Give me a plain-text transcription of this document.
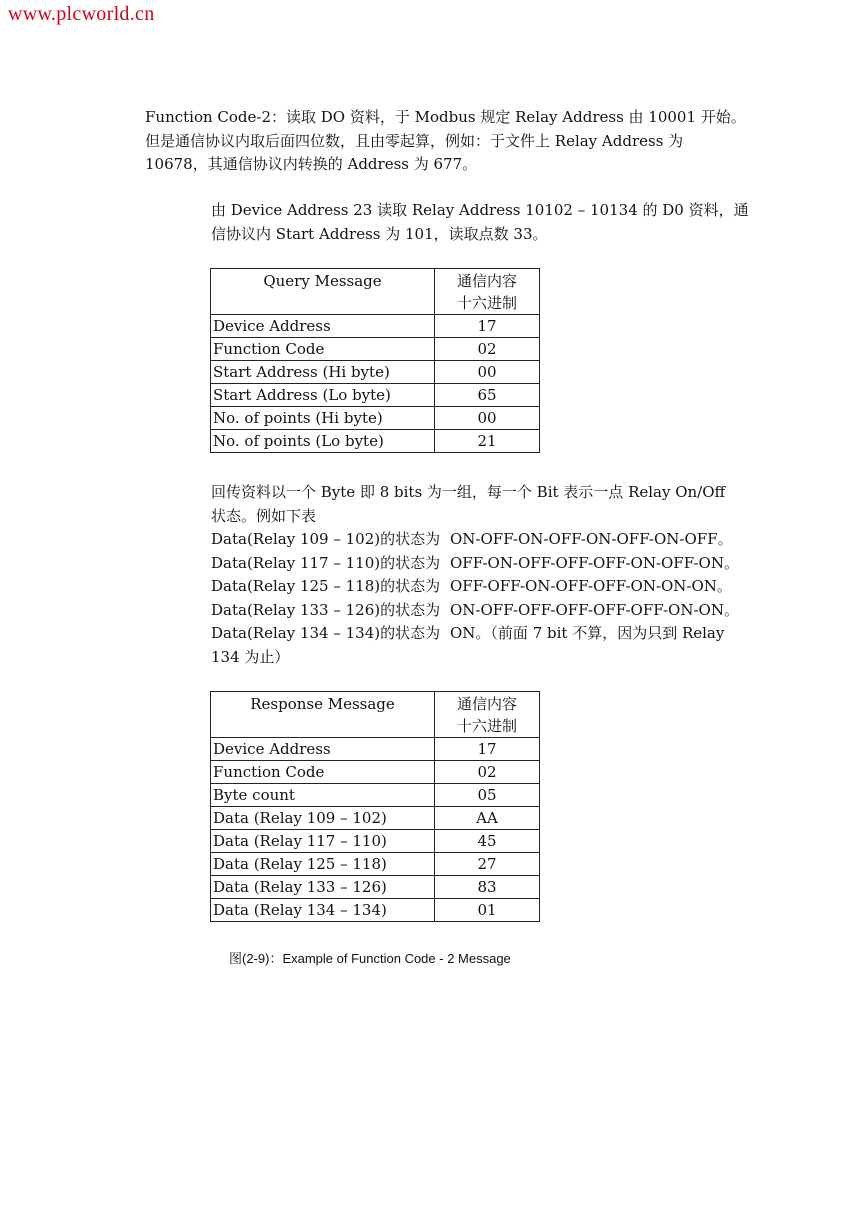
www.plcworld.cn
Function Code-2：读取 DO 资料，于 Modbus 规定 Relay Address 由 10001 开始。
但是通信协议内取后面四位数，且由零起算，例如：于文件上 Relay Address 为
10678，其通信协议内转换的 Address 为 677。
由 Device Address 23 读取 Relay Address 10102 – 10134 的 D0 资料，通
信协议内 Start Address 为 101，读取点数 33。
Query Message	通信内容
十六进制

Device Address	17
Function Code	02
Start Address (Hi byte)	00
Start Address (Lo byte)	65
No. of points (Hi byte)	00
No. of points (Lo byte)	21
回传资料以一个 Byte 即 8 bits 为一组，每一个 Bit 表示一点 Relay On/Off
状态。例如下表
Data(Relay 109 – 102)的状态为 ON-OFF-ON-OFF-ON-OFF-ON-OFF。
Data(Relay 117 – 110)的状态为 OFF-ON-OFF-OFF-OFF-ON-OFF-ON。
Data(Relay 125 – 118)的状态为 OFF-OFF-ON-OFF-OFF-ON-ON-ON。
Data(Relay 133 – 126)的状态为 ON-OFF-OFF-OFF-OFF-OFF-ON-ON。
Data(Relay 134 – 134)的状态为 ON。（前面 7 bit 不算，因为只到 Relay
134 为止）
Response Message	通信内容
十六进制

Device Address	17
Function Code	02
Byte count	05
Data (Relay 109 – 102)	AA
Data (Relay 117 – 110)	45
Data (Relay 125 – 118)	27
Data (Relay 133 – 126)	83
Data (Relay 134 – 134)	01
图(2-9)：Example of Function Code - 2 Message
